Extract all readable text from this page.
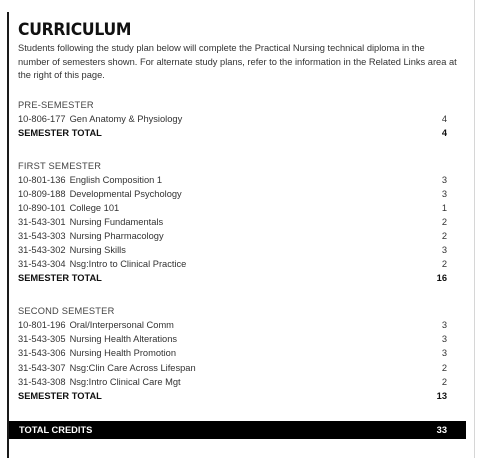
CURRICULUM

Students following the study plan below will complete the Practical Nursing technical diploma in the number of semesters shown. For alternate study plans, refer to the information in the Related Links area at the right of this page.

PRE-SEMESTER
10-806-177 Gen Anatomy & Physiology	4
SEMESTER TOTAL	4
FIRST SEMESTER
10-801-136 English Composition 1	3
10-809-188 Developmental Psychology	3
10-890-101 College 101	1
31-543-301 Nursing Fundamentals	2
31-543-303 Nursing Pharmacology	2
31-543-302 Nursing Skills	3
31-543-304 Nsg:Intro to Clinical Practice	2
SEMESTER TOTAL	16
SECOND SEMESTER
10-801-196 Oral/Interpersonal Comm	3
31-543-305 Nursing Health Alterations	3
31-543-306 Nursing Health Promotion	3
31-543-307 Nsg:Clin Care Across Lifespan	2
31-543-308 Nsg:Intro Clinical Care Mgt	2
SEMESTER TOTAL	13
TOTAL CREDITS	33
